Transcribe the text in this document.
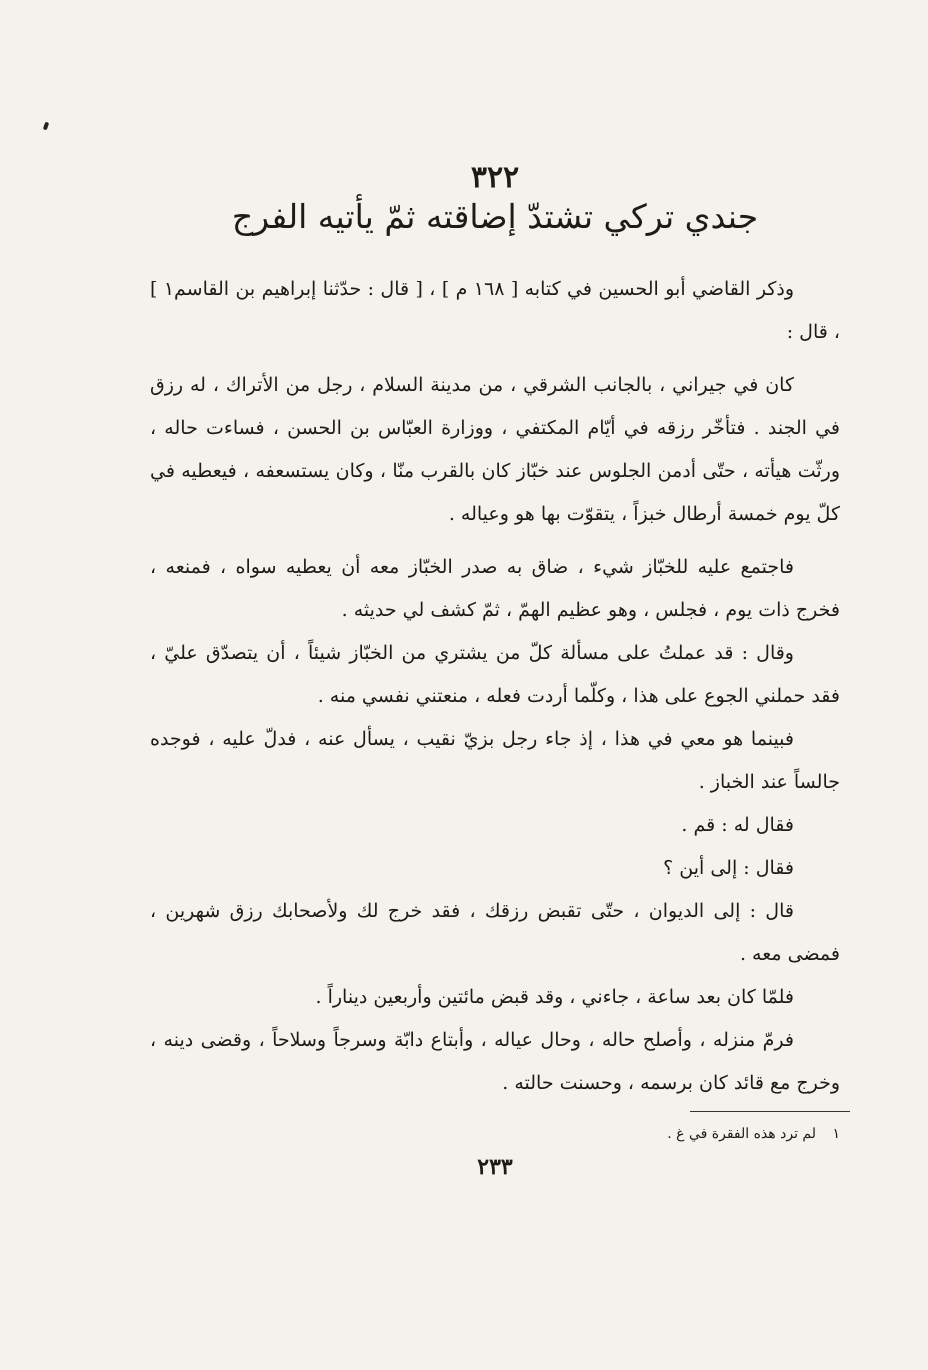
٣٢٢
جندي تركي تشتدّ إضاقته ثمّ يأتيه الفرج

وذكر القاضي أبو الحسين في كتابه [ ١٦٨ م ] ، [ قال : حدّثنا إبراهيم بن القاسم١ ] ، قال :

كان في جيراني ، بالجانب الشرقي ، من مدينة السلام ، رجل من الأتراك ، له رزق في الجند . فتأخّر رزقه في أيّام المكتفي ، ووزارة العبّاس بن الحسن ، فساءت حاله ، ورثّت هيأته ، حتّى أدمن الجلوس عند خبّاز كان بالقرب منّا ، وكان يستسعفه ، فيعطيه في كلّ يوم خمسة أرطال خبزاً ، يتقوّت بها هو وعياله .

فاجتمع عليه للخبّاز شيء ، ضاق به صدر الخبّاز معه أن يعطيه سواه ، فمنعه ، فخرج ذات يوم ، فجلس ، وهو عظيم الهمّ ، ثمّ كشف لي حديثه .

وقال : قد عملتُ على مسألة كلّ من يشتري من الخبّاز شيئاً ، أن يتصدّق عليّ ، فقد حملني الجوع على هذا ، وكلّما أردت فعله ، منعتني نفسي منه .

فبينما هو معي في هذا ، إذ جاء رجل بزيّ نقيب ، يسأل عنه ، فدلّ عليه ، فوجده جالساً عند الخباز .

فقال له : قم .

فقال : إلى أين ؟

قال : إلى الديوان ، حتّى تقبض رزقك ، فقد خرج لك ولأصحابك رزق شهرين ، فمضى معه .

فلمّا كان بعد ساعة ، جاءني ، وقد قبض مائتين وأربعين ديناراً .

فرمّ منزله ، وأصلح حاله ، وحال عياله ، وأبتاع دابّة وسرجاً وسلاحاً ، وقضى دينه ، وخرج مع قائد كان برسمه ، وحسنت حالته .

١ لم ترد هذه الفقرة في غ .
٢٣٣
